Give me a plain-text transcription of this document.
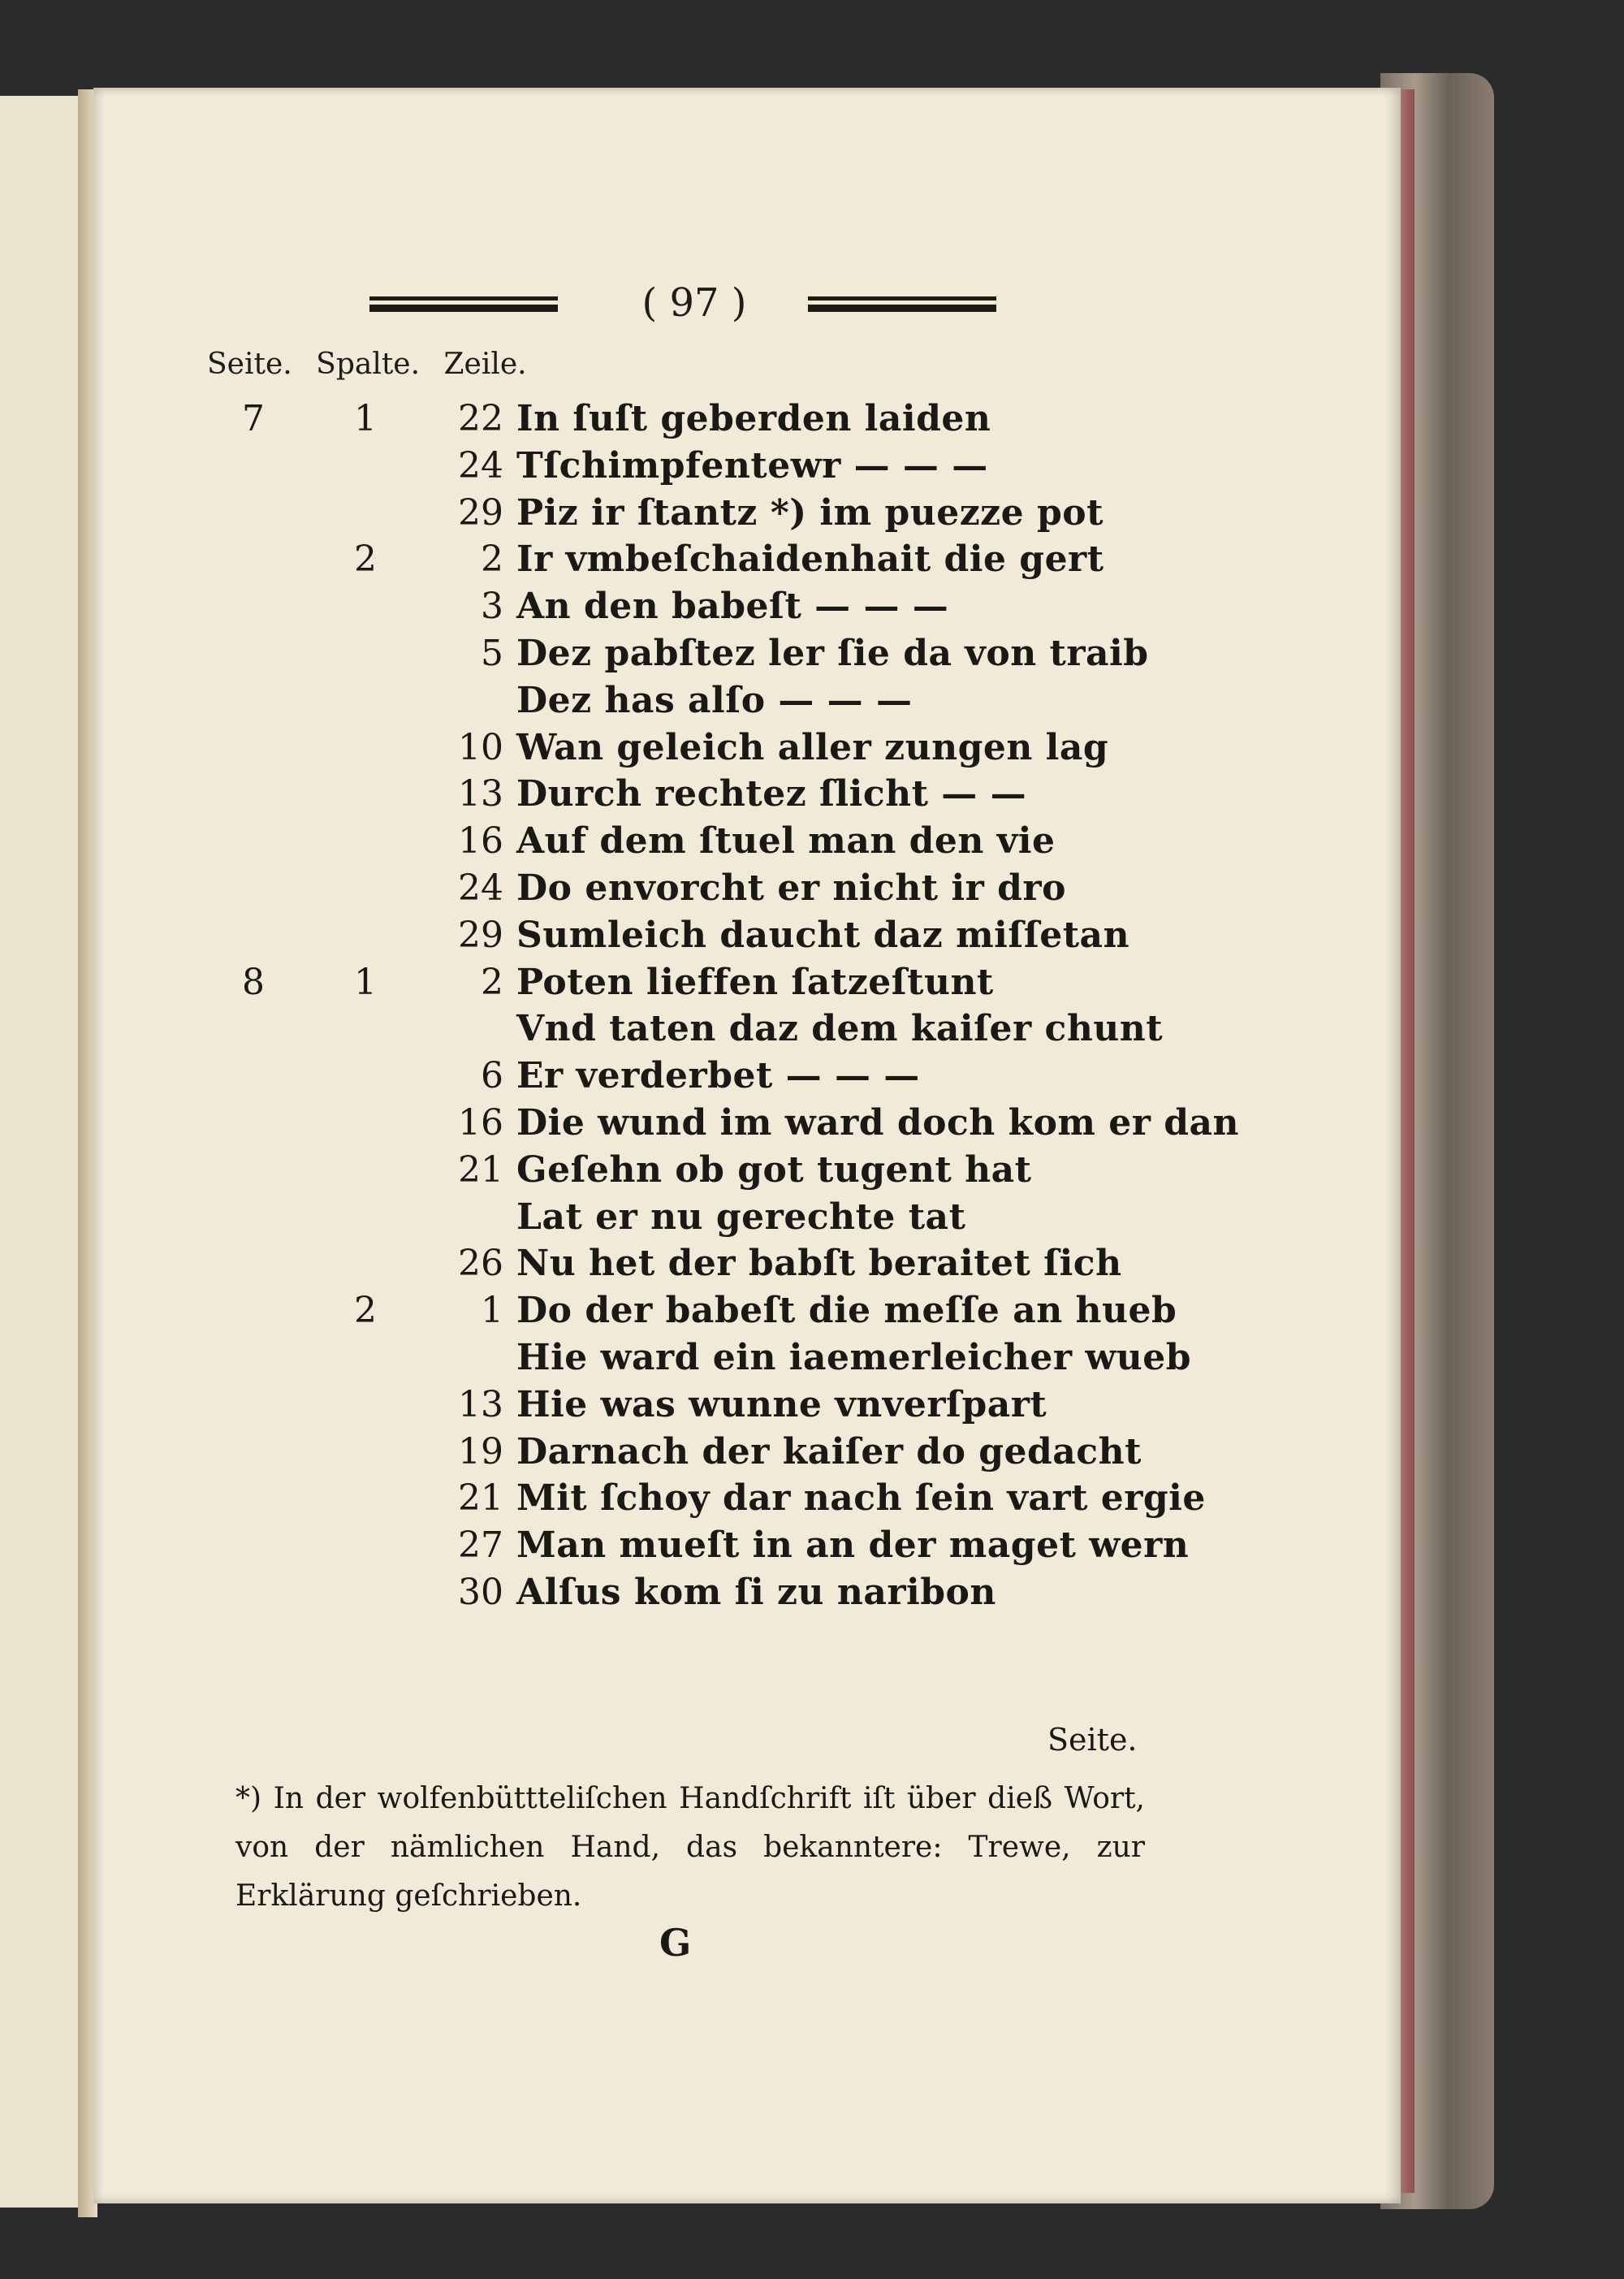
( 97 )
Seite. Spalte. Zeile.
7	1	22 In ſuſt geberden laiden
24 Tſchimpfentewr — — —
29 Piz ir ſtantz *) im puezze pot
2	2 Ir vmbeſchaidenhait die gert
3 An den babeſt — — —
5 Dez pabſtez ler ſie da von traib
Dez has alſo — — —
10 Wan geleich aller zungen lag
13 Durch rechtez ſlicht — —
16 Auf dem ſtuel man den vie
24 Do envorcht er nicht ir dro
29 Sumleich daucht daz miſſetan
8	1	2 Poten lieffen ſatzeſtunt
Vnd taten daz dem kaiſer chunt
6 Er verderbet — — —
16 Die wund im ward doch kom er dan
21 Geſehn ob got tugent hat
Lat er nu gerechte tat
26 Nu het der babſt beraitet ſich
2	1 Do der babeſt die meſſe an hueb
Hie ward ein iaemerleicher wueb
13 Hie was wunne vnverſpart
19 Darnach der kaiſer do gedacht
21 Mit ſchoy dar nach ſein vart ergie
27 Man mueſt in an der maget wern
30 Alſus kom ſi zu naribon
Seite.
*) In der wolfenbüttteliſchen Handſchrift iſt über dieß Wort, von der nämlichen Hand, das bekanntere: Trewe, zur Erklärung geſchrieben.
G
